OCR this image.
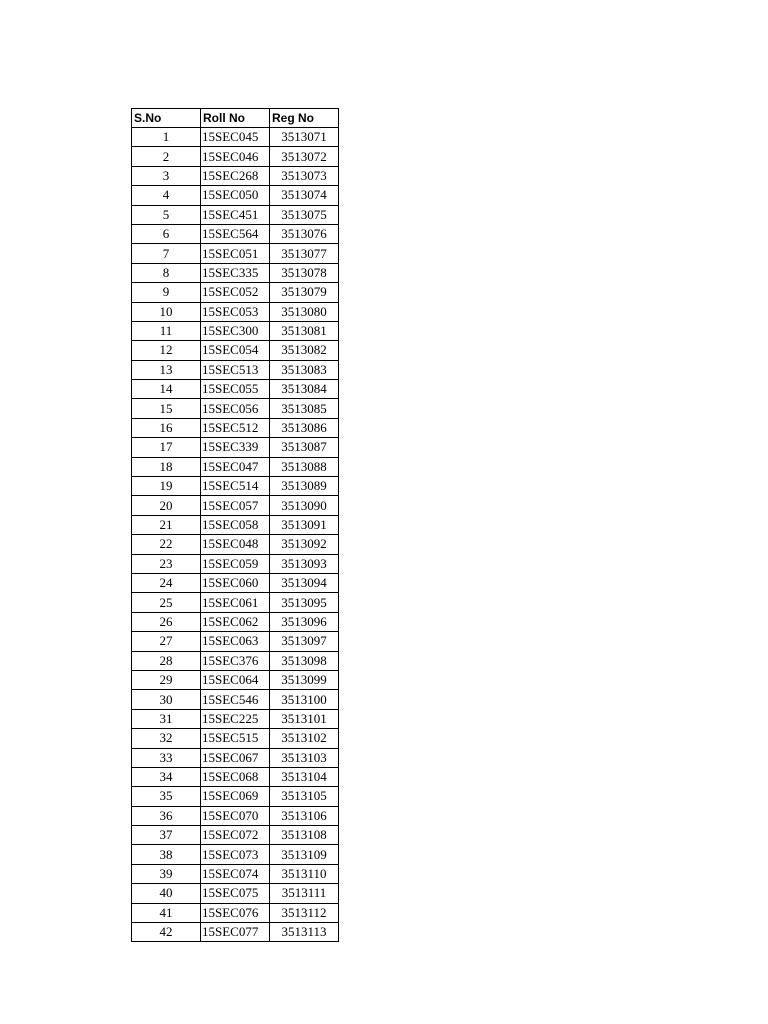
S.No	Roll No	Reg No
1	15SEC045	3513071
2	15SEC046	3513072
3	15SEC268	3513073
4	15SEC050	3513074
5	15SEC451	3513075
6	15SEC564	3513076
7	15SEC051	3513077
8	15SEC335	3513078
9	15SEC052	3513079
10	15SEC053	3513080
11	15SEC300	3513081
12	15SEC054	3513082
13	15SEC513	3513083
14	15SEC055	3513084
15	15SEC056	3513085
16	15SEC512	3513086
17	15SEC339	3513087
18	15SEC047	3513088
19	15SEC514	3513089
20	15SEC057	3513090
21	15SEC058	3513091
22	15SEC048	3513092
23	15SEC059	3513093
24	15SEC060	3513094
25	15SEC061	3513095
26	15SEC062	3513096
27	15SEC063	3513097
28	15SEC376	3513098
29	15SEC064	3513099
30	15SEC546	3513100
31	15SEC225	3513101
32	15SEC515	3513102
33	15SEC067	3513103
34	15SEC068	3513104
35	15SEC069	3513105
36	15SEC070	3513106
37	15SEC072	3513108
38	15SEC073	3513109
39	15SEC074	3513110
40	15SEC075	3513111
41	15SEC076	3513112
42	15SEC077	3513113
